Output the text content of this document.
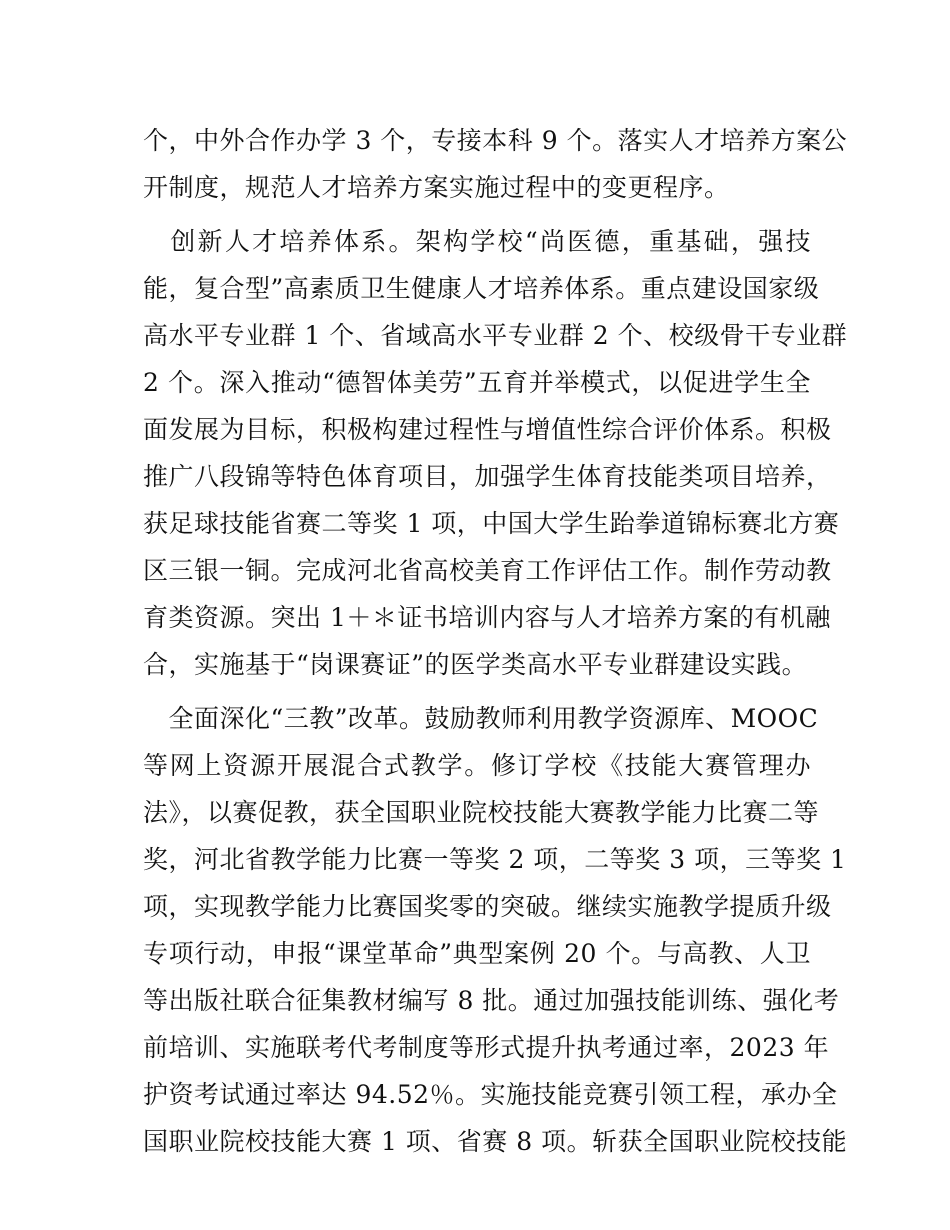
个，中外合作办学 3 个，专接本科 9 个。落实人才培养方案公
开制度，规范人才培养方案实施过程中的变更程序。
　创新人才培养体系。架构学校“尚医德，重基础，强技
能，复合型”高素质卫生健康人才培养体系。重点建设国家级
高水平专业群 1 个、省域高水平专业群 2 个、校级骨干专业群
2 个。深入推动“德智体美劳”五育并举模式，以促进学生全
面发展为目标，积极构建过程性与增值性综合评价体系。积极
推广八段锦等特色体育项目，加强学生体育技能类项目培养，
获足球技能省赛二等奖 1 项，中国大学生跆拳道锦标赛北方赛
区三银一铜。完成河北省高校美育工作评估工作。制作劳动教
育类资源。突出 1＋＊证书培训内容与人才培养方案的有机融
合，实施基于“岗课赛证”的医学类高水平专业群建设实践。
　全面深化“三教”改革。鼓励教师利用教学资源库、MOOC
等网上资源开展混合式教学。修订学校《技能大赛管理办
法》，以赛促教，获全国职业院校技能大赛教学能力比赛二等
奖，河北省教学能力比赛一等奖 2 项，二等奖 3 项，三等奖 1
项，实现教学能力比赛国奖零的突破。继续实施教学提质升级
专项行动，申报“课堂革命”典型案例 20 个。与高教、人卫
等出版社联合征集教材编写 8 批。通过加强技能训练、强化考
前培训、实施联考代考制度等形式提升执考通过率，2023 年
护资考试通过率达 94.52％。实施技能竞赛引领工程，承办全
国职业院校技能大赛 1 项、省赛 8 项。斩获全国职业院校技能
